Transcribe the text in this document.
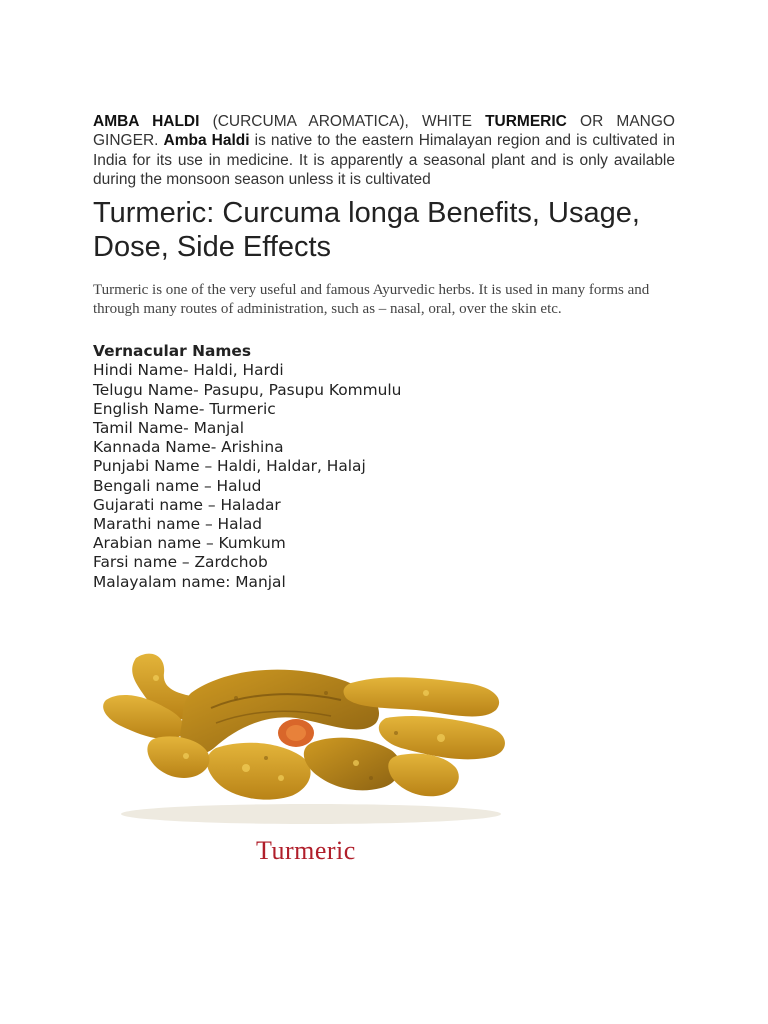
AMBA HALDI (CURCUMA AROMATICA), WHITE TURMERIC OR MANGO GINGER. Amba Haldi is native to the eastern Himalayan region and is cultivated in India for its use in medicine. It is apparently a seasonal plant and is only available during the monsoon season unless it is cultivated

Turmeric: Curcuma longa Benefits, Usage, Dose, Side Effects

Turmeric is one of the very useful and famous Ayurvedic herbs. It is used in many forms and through many routes of administration, such as – nasal, oral, over the skin etc.

Vernacular Names
Hindi Name- Haldi, Hardi
Telugu Name- Pasupu, Pasupu Kommulu
English Name- Turmeric
Tamil Name- Manjal
Kannada Name- Arishina
Punjabi Name – Haldi, Haldar, Halaj
Bengali name – Halud
Gujarati name – Haladar
Marathi name – Halad
Arabian name – Kumkum
Farsi name – Zardchob
Malayalam name: Manjal
Turmeric
